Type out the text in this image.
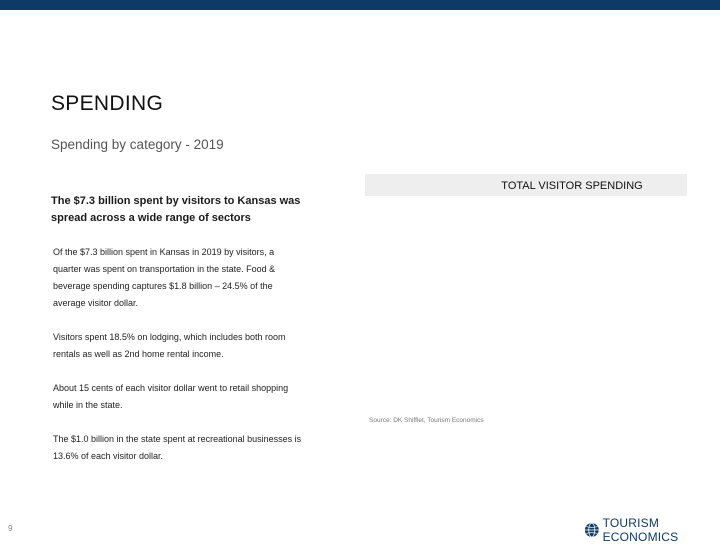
SPENDING
Spending by category - 2019
TOTAL VISITOR SPENDING
The $7.3 billion spent by visitors to Kansas was spread across a wide range of sectors
Of the $7.3 billion spent in Kansas in 2019 by visitors, a quarter was spent on transportation in the state. Food & beverage spending captures $1.8 billion – 24.5% of the average visitor dollar.
Visitors spent 18.5% on lodging, which includes both room rentals as well as 2nd home rental income.
About 15 cents of each visitor dollar went to retail shopping while in the state.
The $1.0 billion in the state spent at recreational businesses is 13.6% of each visitor dollar.
Source: DK Shifflet, Tourism Economics
9	TOURISM ECONOMICS
